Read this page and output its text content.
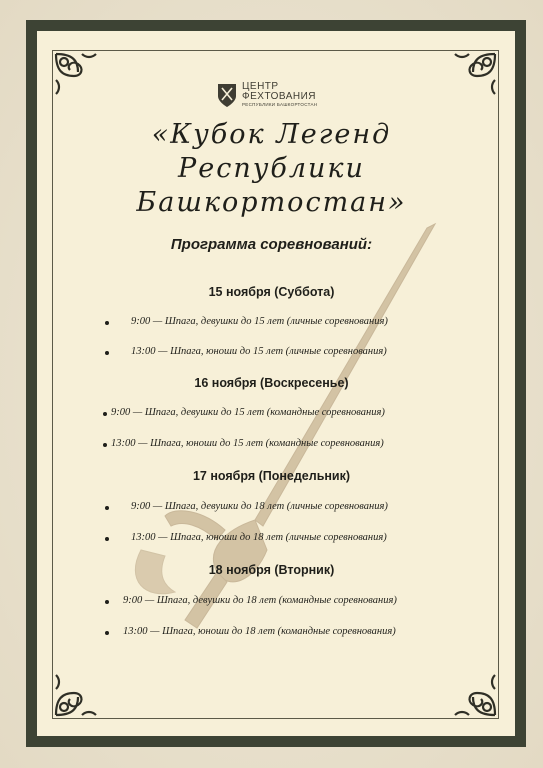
ЦЕНТР
ФЕХТОВАНИЯ
РЕСПУБЛИКИ БАШКОРТОСТАН
«Кубок Легенд
Республики
Башкортостан»
Программа соревнований:
15 ноября (Суббота)
9:00 — Шпага, девушки до 15 лет (личные соревнования)
13:00 — Шпага, юноши до 15 лет (личные соревнования)
16 ноября (Воскресенье)
9:00 — Шпага, девушки до 15 лет (командные соревнования)
13:00 — Шпага, юноши до 15 лет (командные соревнования)
17 ноября (Понедельник)
9:00 — Шпага, девушки до 18 лет (личные соревнования)
13:00 — Шпага, юноши до 18 лет (личные соревнования)
18 ноября (Вторник)
9:00 — Шпага, девушки до 18 лет (командные соревнования)
13:00 — Шпага, юноши до 18 лет (командные соревнования)
